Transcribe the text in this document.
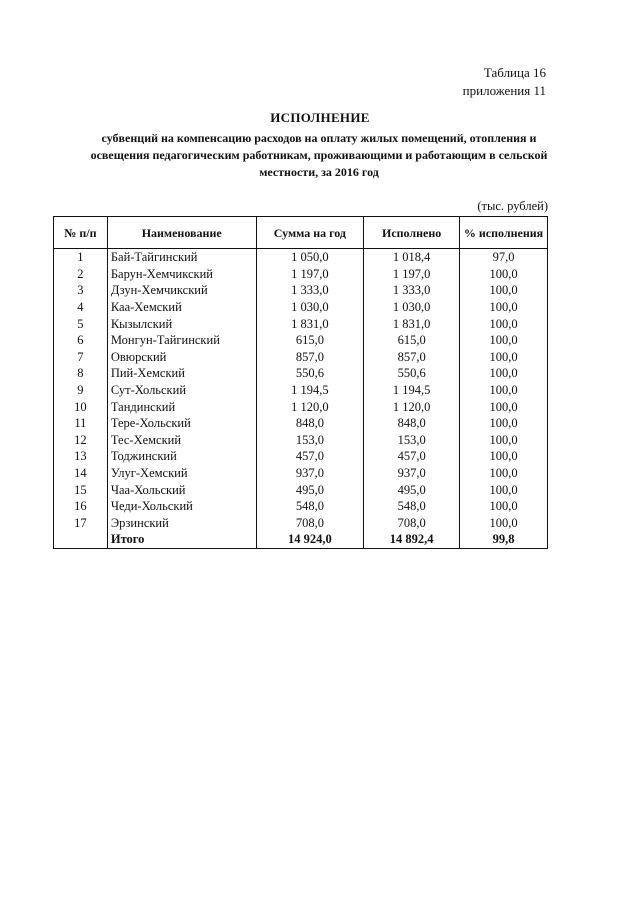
Таблица 16
приложения 11
ИСПОЛНЕНИЕ
субвенций на компенсацию расходов на оплату жилых помещений, отопления и освещения педагогическим работникам, проживающими и работающим в сельской местности, за 2016 год
(тыс. рублей)
№ п/п	Наименование	Сумма на год	Исполнено	% исполнения
1	Бай-Тайгинский	1 050,0	1 018,4	97,0
2	Барун-Хемчикский	1 197,0	1 197,0	100,0
3	Дзун-Хемчикский	1 333,0	1 333,0	100,0
4	Каа-Хемский	1 030,0	1 030,0	100,0
5	Кызылский	1 831,0	1 831,0	100,0
6	Монгун-Тайгинский	615,0	615,0	100,0
7	Овюрский	857,0	857,0	100,0
8	Пий-Хемский	550,6	550,6	100,0
9	Сут-Хольский	1 194,5	1 194,5	100,0
10	Тандинский	1 120,0	1 120,0	100,0
11	Тере-Хольский	848,0	848,0	100,0
12	Тес-Хемский	153,0	153,0	100,0
13	Тоджинский	457,0	457,0	100,0
14	Улуг-Хемский	937,0	937,0	100,0
15	Чаа-Хольский	495,0	495,0	100,0
16	Чеди-Хольский	548,0	548,0	100,0
17	Эрзинский	708,0	708,0	100,0
	Итого	14 924,0	14 892,4	99,8
